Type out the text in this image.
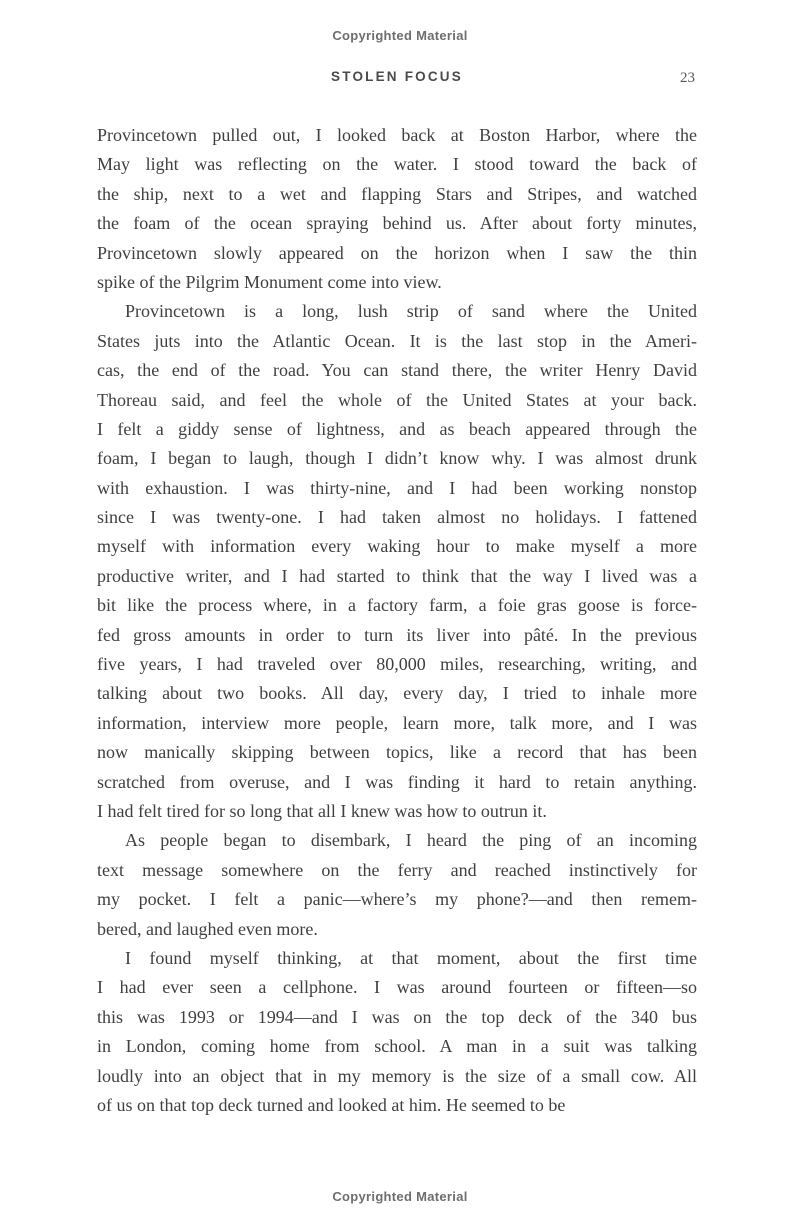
Copyrighted Material
STOLEN FOCUS	23
Provincetown pulled out, I looked back at Boston Harbor, where the
May light was reflecting on the water. I stood toward the back of
the ship, next to a wet and flapping Stars and Stripes, and watched
the foam of the ocean spraying behind us. After about forty minutes,
Provincetown slowly appeared on the horizon when I saw the thin
spike of the Pilgrim Monument come into view.
Provincetown is a long, lush strip of sand where the United
States juts into the Atlantic Ocean. It is the last stop in the Ameri-
cas, the end of the road. You can stand there, the writer Henry David
Thoreau said, and feel the whole of the United States at your back.
I felt a giddy sense of lightness, and as beach appeared through the
foam, I began to laugh, though I didn’t know why. I was almost drunk
with exhaustion. I was thirty-nine, and I had been working nonstop
since I was twenty-one. I had taken almost no holidays. I fattened
myself with information every waking hour to make myself a more
productive writer, and I had started to think that the way I lived was a
bit like the process where, in a factory farm, a foie gras goose is force-
fed gross amounts in order to turn its liver into pâté. In the previous
five years, I had traveled over 80,000 miles, researching, writing, and
talking about two books. All day, every day, I tried to inhale more
information, interview more people, learn more, talk more, and I was
now manically skipping between topics, like a record that has been
scratched from overuse, and I was finding it hard to retain anything.
I had felt tired for so long that all I knew was how to outrun it.
As people began to disembark, I heard the ping of an incoming
text message somewhere on the ferry and reached instinctively for
my pocket. I felt a panic—where’s my phone?—and then remem-
bered, and laughed even more.
I found myself thinking, at that moment, about the first time
I had ever seen a cellphone. I was around fourteen or fifteen—so
this was 1993 or 1994—and I was on the top deck of the 340 bus
in London, coming home from school. A man in a suit was talking
loudly into an object that in my memory is the size of a small cow. All
of us on that top deck turned and looked at him. He seemed to be
Copyrighted Material
